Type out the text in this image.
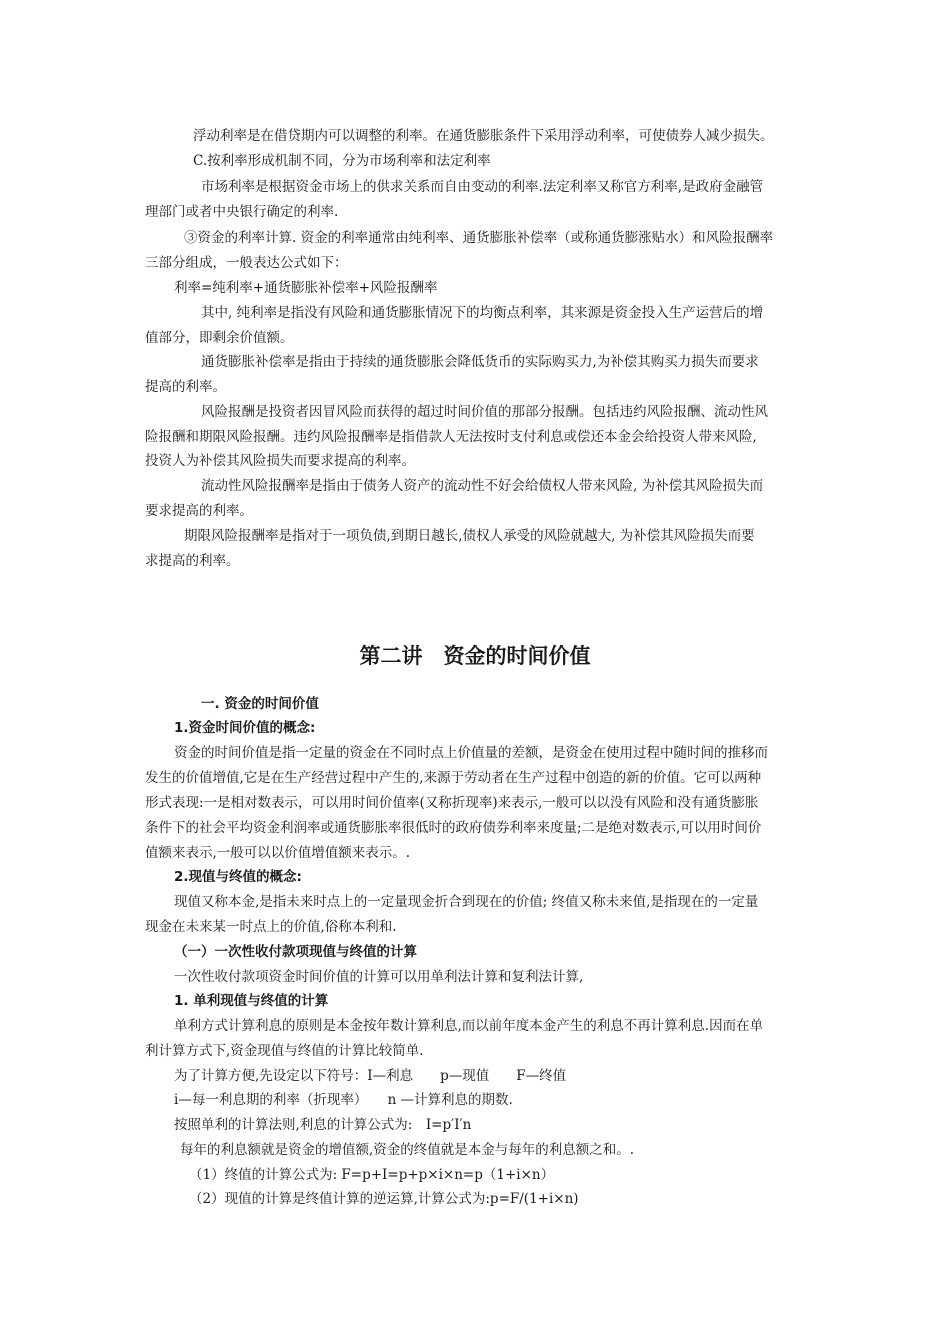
浮动利率是在借贷期内可以调整的利率。在通货膨胀条件下采用浮动利率，可使债券人减少损失。
C.按利率形成机制不同，分为市场利率和法定利率
市场利率是根据资金市场上的供求关系而自由变动的利率.法定利率又称官方利率,是政府金融管
理部门或者中央银行确定的利率.
③资金的利率计算. 资金的利率通常由纯利率、通货膨胀补偿率（或称通货膨涨贴水）和风险报酬率
三部分组成，一般表达公式如下：
利率=纯利率+通货膨胀补偿率+风险报酬率
其中, 纯利率是指没有风险和通货膨胀情况下的均衡点利率，其来源是资金投入生产运营后的增
值部分，即剩余价值额。
通货膨胀补偿率是指由于持续的通货膨胀会降低货币的实际购买力,为补偿其购买力损失而要求
提高的利率。
风险报酬是投资者因冒风险而获得的超过时间价值的那部分报酬。包括违约风险报酬、流动性风
险报酬和期限风险报酬。违约风险报酬率是指借款人无法按时支付利息或偿还本金会给投资人带来风险,
投资人为补偿其风险损失而要求提高的利率。
流动性风险报酬率是指由于债务人资产的流动性不好会给债权人带来风险, 为补偿其风险损失而
要求提高的利率。
期限风险报酬率是指对于一项负债,到期日越长,债权人承受的风险就越大, 为补偿其风险损失而要
求提高的利率。
第二讲　资金的时间价值
一. 资金的时间价值
1.资金时间价值的概念:
资金的时间价值是指一定量的资金在不同时点上价值量的差额，是资金在使用过程中随时间的推移而
发生的价值增值,它是在生产经营过程中产生的,来源于劳动者在生产过程中创造的新的价值。它可以两种
形式表现:一是相对数表示，可以用时间价值率(又称折现率)来表示,一般可以以没有风险和没有通货膨胀
条件下的社会平均资金利润率或通货膨胀率很低时的政府债券利率来度量;二是绝对数表示,可以用时间价
值额来表示,一般可以以价值增值额来表示。.
2.现值与终值的概念:
现值又称本金,是指未来时点上的一定量现金折合到现在的价值; 终值又称未来值,是指现在的一定量
现金在未来某一时点上的价值,俗称本利和.
（一）一次性收付款项现值与终值的计算
一次性收付款项资金时间价值的计算可以用单利法计算和复利法计算,
1. 单利现值与终值的计算
单利方式计算利息的原则是本金按年数计算利息,而以前年度本金产生的利息不再计算利息.因而在单
利计算方式下,资金现值与终值的计算比较简单.
为了计算方便,先设定以下符号：I—利息　　p—现值　　F—终值
i—每一利息期的利率（折现率）　　n —计算利息的期数.
按照单利的计算法则,利息的计算公式为:　I=p′I′n
每年的利息额就是资金的增值额,资金的终值就是本金与每年的利息额之和。.
（1）终值的计算公式为: F=p+I=p+p×i×n=p（1+i×n）
（2）现值的计算是终值计算的逆运算,计算公式为:p=F/(1+i×n)
